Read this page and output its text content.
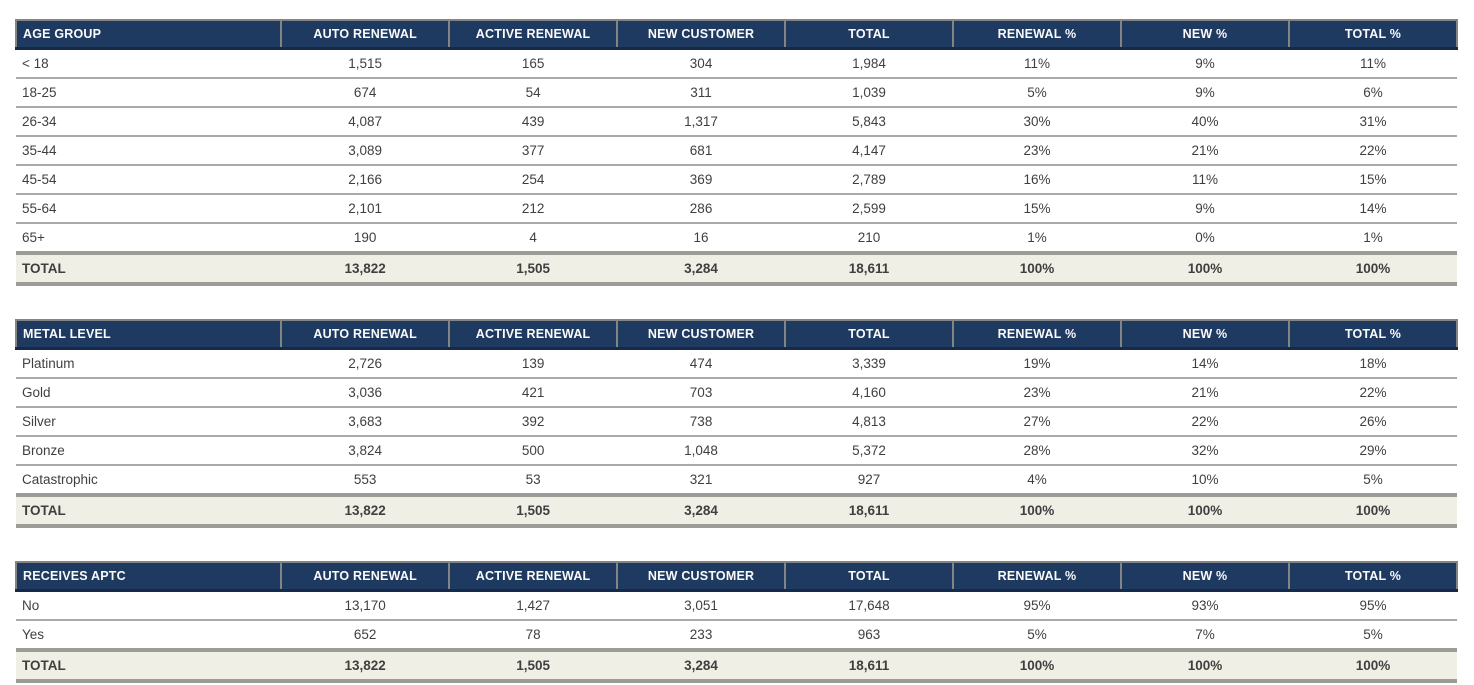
AGE GROUP	AUTO RENEWAL	ACTIVE RENEWAL	NEW CUSTOMER	TOTAL	RENEWAL %	NEW %	TOTAL %
< 18	1,515	165	304	1,984	11%	9%	11%
18-25	674	54	311	1,039	5%	9%	6%
26-34	4,087	439	1,317	5,843	30%	40%	31%
35-44	3,089	377	681	4,147	23%	21%	22%
45-54	2,166	254	369	2,789	16%	11%	15%
55-64	2,101	212	286	2,599	15%	9%	14%
65+	190	4	16	210	1%	0%	1%
TOTAL	13,822	1,505	3,284	18,611	100%	100%	100%
METAL LEVEL	AUTO RENEWAL	ACTIVE RENEWAL	NEW CUSTOMER	TOTAL	RENEWAL %	NEW %	TOTAL %
Platinum	2,726	139	474	3,339	19%	14%	18%
Gold	3,036	421	703	4,160	23%	21%	22%
Silver	3,683	392	738	4,813	27%	22%	26%
Bronze	3,824	500	1,048	5,372	28%	32%	29%
Catastrophic	553	53	321	927	4%	10%	5%
TOTAL	13,822	1,505	3,284	18,611	100%	100%	100%
RECEIVES APTC	AUTO RENEWAL	ACTIVE RENEWAL	NEW CUSTOMER	TOTAL	RENEWAL %	NEW %	TOTAL %
No	13,170	1,427	3,051	17,648	95%	93%	95%
Yes	652	78	233	963	5%	7%	5%
TOTAL	13,822	1,505	3,284	18,611	100%	100%	100%
